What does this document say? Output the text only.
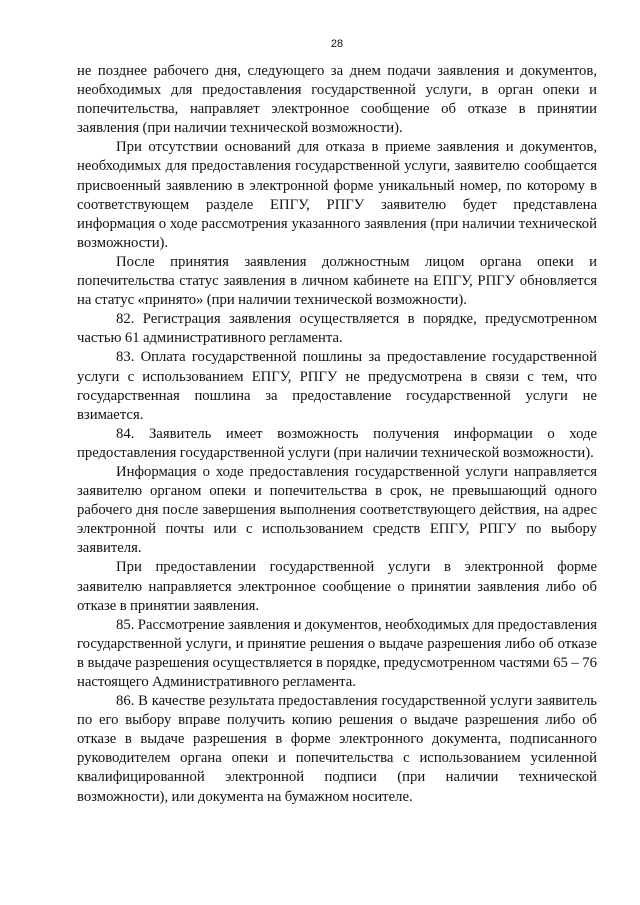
28

не позднее рабочего дня, следующего за днем подачи заявления и документов, необходимых для предоставления государственной услуги, в орган опеки и попечительства, направляет электронное сообщение об отказе в принятии заявления (при наличии технической возможности).

При отсутствии оснований для отказа в приеме заявления и документов, необходимых для предоставления государственной услуги, заявителю сообщается присвоенный заявлению в электронной форме уникальный номер, по которому в соответствующем разделе ЕПГУ, РПГУ заявителю будет представлена информация о ходе рассмотрения указанного заявления (при наличии технической возможности).

После принятия заявления должностным лицом органа опеки и попечительства статус заявления в личном кабинете на ЕПГУ, РПГУ обновляется на статус «принято» (при наличии технической возможности).

82. Регистрация заявления осуществляется в порядке, предусмотренном частью 61 административного регламента.

83. Оплата государственной пошлины за предоставление государственной услуги с использованием ЕПГУ, РПГУ не предусмотрена в связи с тем, что государственная пошлина за предоставление государственной услуги не взимается.

84. Заявитель имеет возможность получения информации о ходе предоставления государственной услуги (при наличии технической возможности).

Информация о ходе предоставления государственной услуги направляется заявителю органом опеки и попечительства в срок, не превышающий одного рабочего дня после завершения выполнения соответствующего действия, на адрес электронной почты или с использованием средств ЕПГУ, РПГУ по выбору заявителя.

При предоставлении государственной услуги в электронной форме заявителю направляется электронное сообщение о принятии заявления либо об отказе в принятии заявления.

85. Рассмотрение заявления и документов, необходимых для предоставления государственной услуги, и принятие решения о выдаче разрешения либо об отказе в выдаче разрешения осуществляется в порядке, предусмотренном частями 65 – 76 настоящего Административного регламента.

86. В качестве результата предоставления государственной услуги заявитель по его выбору вправе получить копию решения о выдаче разрешения либо об отказе в выдаче разрешения в форме электронного документа, подписанного руководителем органа опеки и попечительства с использованием усиленной квалифицированной электронной подписи (при наличии технической возможности), или документа на бумажном носителе.
